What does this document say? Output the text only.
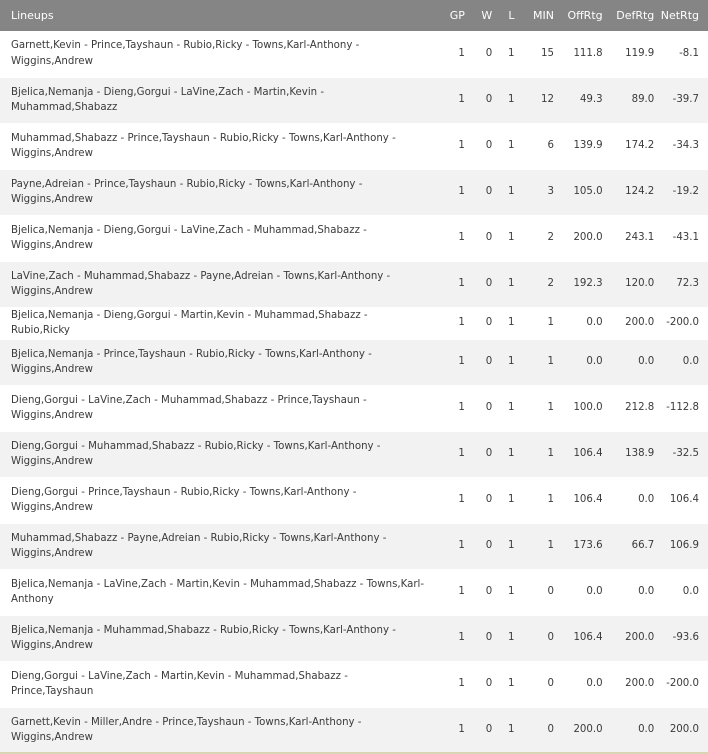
Lineups	GP	W	L	MIN	OffRtg	DefRtg	NetRtg
Garnett,Kevin - Prince,Tayshaun - Rubio,Ricky - Towns,Karl-Anthony - Wiggins,Andrew	1	0	1	15	111.8	119.9	-8.1
Bjelica,Nemanja - Dieng,Gorgui - LaVine,Zach - Martin,Kevin - Muhammad,Shabazz	1	0	1	12	49.3	89.0	-39.7
Muhammad,Shabazz - Prince,Tayshaun - Rubio,Ricky - Towns,Karl-Anthony - Wiggins,Andrew	1	0	1	6	139.9	174.2	-34.3
Payne,Adreian - Prince,Tayshaun - Rubio,Ricky - Towns,Karl-Anthony - Wiggins,Andrew	1	0	1	3	105.0	124.2	-19.2
Bjelica,Nemanja - Dieng,Gorgui - LaVine,Zach - Muhammad,Shabazz - Wiggins,Andrew	1	0	1	2	200.0	243.1	-43.1
LaVine,Zach - Muhammad,Shabazz - Payne,Adreian - Towns,Karl-Anthony - Wiggins,Andrew	1	0	1	2	192.3	120.0	72.3
Bjelica,Nemanja - Dieng,Gorgui - Martin,Kevin - Muhammad,Shabazz - Rubio,Ricky	1	0	1	1	0.0	200.0	-200.0
Bjelica,Nemanja - Prince,Tayshaun - Rubio,Ricky - Towns,Karl-Anthony - Wiggins,Andrew	1	0	1	1	0.0	0.0	0.0
Dieng,Gorgui - LaVine,Zach - Muhammad,Shabazz - Prince,Tayshaun - Wiggins,Andrew	1	0	1	1	100.0	212.8	-112.8
Dieng,Gorgui - Muhammad,Shabazz - Rubio,Ricky - Towns,Karl-Anthony - Wiggins,Andrew	1	0	1	1	106.4	138.9	-32.5
Dieng,Gorgui - Prince,Tayshaun - Rubio,Ricky - Towns,Karl-Anthony - Wiggins,Andrew	1	0	1	1	106.4	0.0	106.4
Muhammad,Shabazz - Payne,Adreian - Rubio,Ricky - Towns,Karl-Anthony - Wiggins,Andrew	1	0	1	1	173.6	66.7	106.9
Bjelica,Nemanja - LaVine,Zach - Martin,Kevin - Muhammad,Shabazz - Towns,Karl-Anthony	1	0	1	0	0.0	0.0	0.0
Bjelica,Nemanja - Muhammad,Shabazz - Rubio,Ricky - Towns,Karl-Anthony - Wiggins,Andrew	1	0	1	0	106.4	200.0	-93.6
Dieng,Gorgui - LaVine,Zach - Martin,Kevin - Muhammad,Shabazz - Prince,Tayshaun	1	0	1	0	0.0	200.0	-200.0
Garnett,Kevin - Miller,Andre - Prince,Tayshaun - Towns,Karl-Anthony - Wiggins,Andrew	1	0	1	0	200.0	0.0	200.0
